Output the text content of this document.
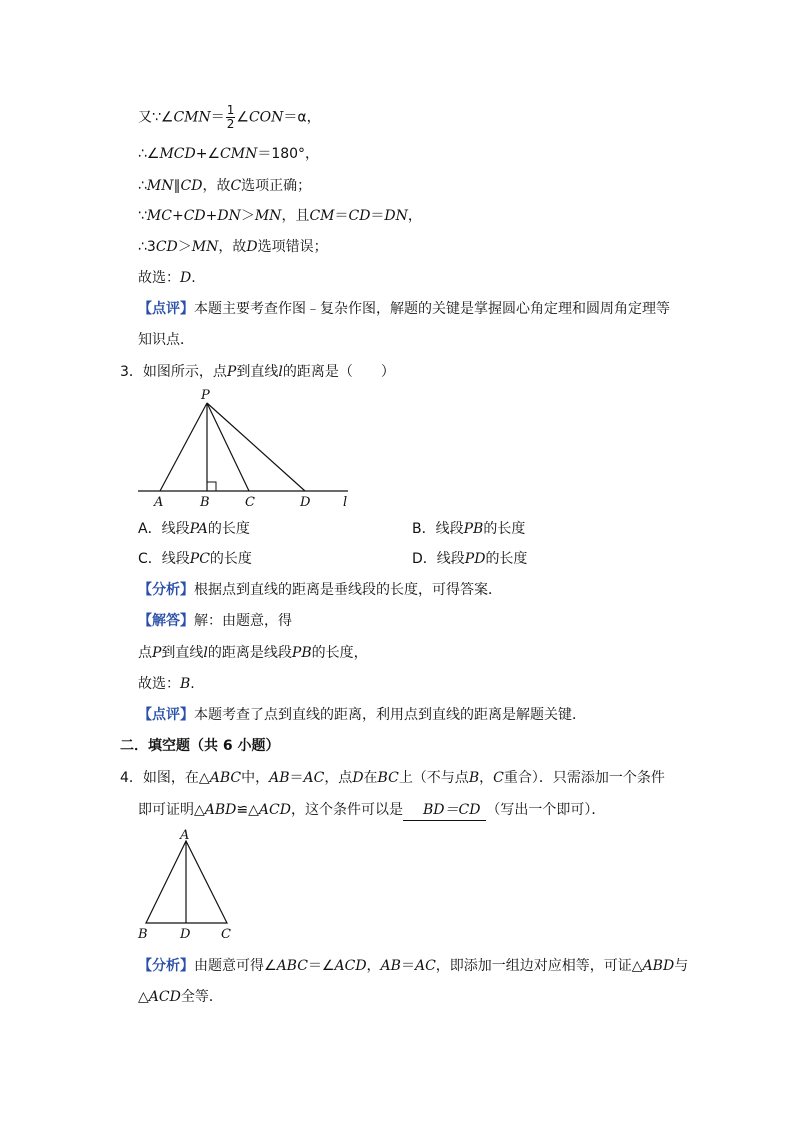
又∵∠CMN＝ $\frac{1}{2}$ ∠CON＝α，
∴∠MCD+∠CMN＝180°，
∴MN∥CD，故C选项正确；
∵MC+CD+DN＞MN，且CM＝CD＝DN，
∴3CD＞MN，故D选项错误；
故选：D.
【点评】本题主要考查作图﹣复杂作图，解题的关键是掌握圆心角定理和圆周角定理等
知识点．
3．如图所示，点P到直线l的距离是（　　）
P
A	B	C	D	l
A．线段PA的长度	B．线段PB的长度
C．线段PC的长度	D．线段PD的长度
【分析】根据点到直线的距离是垂线段的长度，可得答案．
【解答】解：由题意，得
点P到直线l的距离是线段PB的长度，
故选：B.
【点评】本题考查了点到直线的距离，利用点到直线的距离是解题关键．
二．填空题（共 6 小题）
4．如图，在△ABC中，AB＝AC，点D在BC上（不与点B，C重合）．只需添加一个条件
即可证明△ABD≌△ACD，这个条件可以是 BD＝CD （写出一个即可）．
A
B D C
【分析】由题意可得∠ABC＝∠ACD，AB＝AC，即添加一组边对应相等，可证△ABD与
△ACD全等．
